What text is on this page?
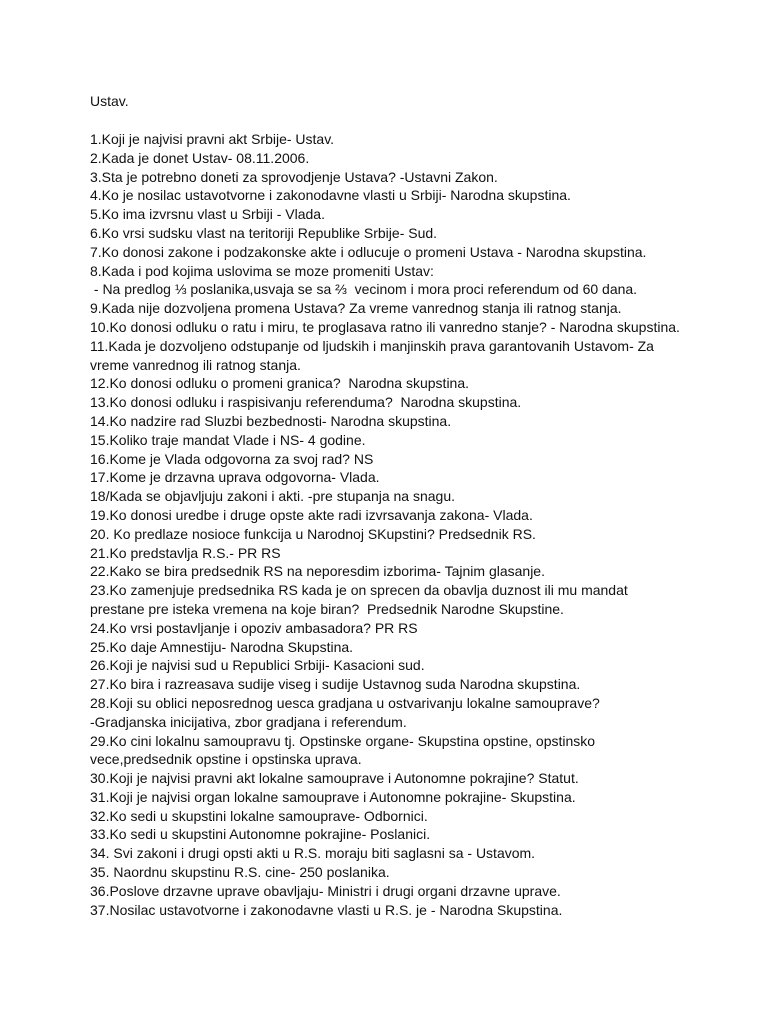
Ustav.
1.Koji je najvisi pravni akt Srbije- Ustav.
2.Kada je donet Ustav- 08.11.2006.
3.Sta je potrebno doneti za sprovodjenje Ustava? -Ustavni Zakon.
4.Ko je nosilac ustavotvorne i zakonodavne vlasti u Srbiji- Narodna skupstina.
5.Ko ima izvrsnu vlast u Srbiji - Vlada.
6.Ko vrsi sudsku vlast na teritoriji Republike Srbije- Sud.
7.Ko donosi zakone i podzakonske akte i odlucuje o promeni Ustava - Narodna skupstina.
8.Kada i pod kojima uslovima se moze promeniti Ustav:
- Na predlog ⅓ poslanika,usvaja se sa ⅔  vecinom i mora proci referendum od 60 dana.
9.Kada nije dozvoljena promena Ustava? Za vreme vanrednog stanja ili ratnog stanja.
10.Ko donosi odluku o ratu i miru, te proglasava ratno ili vanredno stanje? - Narodna skupstina.
11.Kada je dozvoljeno odstupanje od ljudskih i manjinskih prava garantovanih Ustavom- Za
vreme vanrednog ili ratnog stanja.
12.Ko donosi odluku o promeni granica?  Narodna skupstina.
13.Ko donosi odluku i raspisivanju referenduma?  Narodna skupstina.
14.Ko nadzire rad Sluzbi bezbednosti- Narodna skupstina.
15.Koliko traje mandat Vlade i NS- 4 godine.
16.Kome je Vlada odgovorna za svoj rad? NS
17.Kome je drzavna uprava odgovorna- Vlada.
18/Kada se objavljuju zakoni i akti. -pre stupanja na snagu.
19.Ko donosi uredbe i druge opste akte radi izvrsavanja zakona- Vlada.
20. Ko predlaze nosioce funkcija u Narodnoj SKupstini? Predsednik RS.
21.Ko predstavlja R.S.- PR RS
22.Kako se bira predsednik RS na neporesdim izborima- Tajnim glasanje.
23.Ko zamenjuje predsednika RS kada je on sprecen da obavlja duznost ili mu mandat
prestane pre isteka vremena na koje biran?  Predsednik Narodne Skupstine.
24.Ko vrsi postavljanje i opoziv ambasadora? PR RS
25.Ko daje Amnestiju- Narodna Skupstina.
26.Koji je najvisi sud u Republici Srbiji- Kasacioni sud.
27.Ko bira i razreasava sudije viseg i sudije Ustavnog suda Narodna skupstina.
28.Koji su oblici neposrednog uesca gradjana u ostvarivanju lokalne samouprave?
-Gradjanska inicijativa, zbor gradjana i referendum.
29.Ko cini lokalnu samoupravu tj. Opstinske organe- Skupstina opstine, opstinsko
vece,predsednik opstine i opstinska uprava.
30.Koji je najvisi pravni akt lokalne samouprave i Autonomne pokrajine? Statut.
31.Koji je najvisi organ lokalne samouprave i Autonomne pokrajine- Skupstina.
32.Ko sedi u skupstini lokalne samouprave- Odbornici.
33.Ko sedi u skupstini Autonomne pokrajine- Poslanici.
34. Svi zakoni i drugi opsti akti u R.S. moraju biti saglasni sa - Ustavom.
35. Naordnu skupstinu R.S. cine- 250 poslanika.
36.Poslove drzavne uprave obavljaju- Ministri i drugi organi drzavne uprave.
37.Nosilac ustavotvorne i zakonodavne vlasti u R.S. je - Narodna Skupstina.
